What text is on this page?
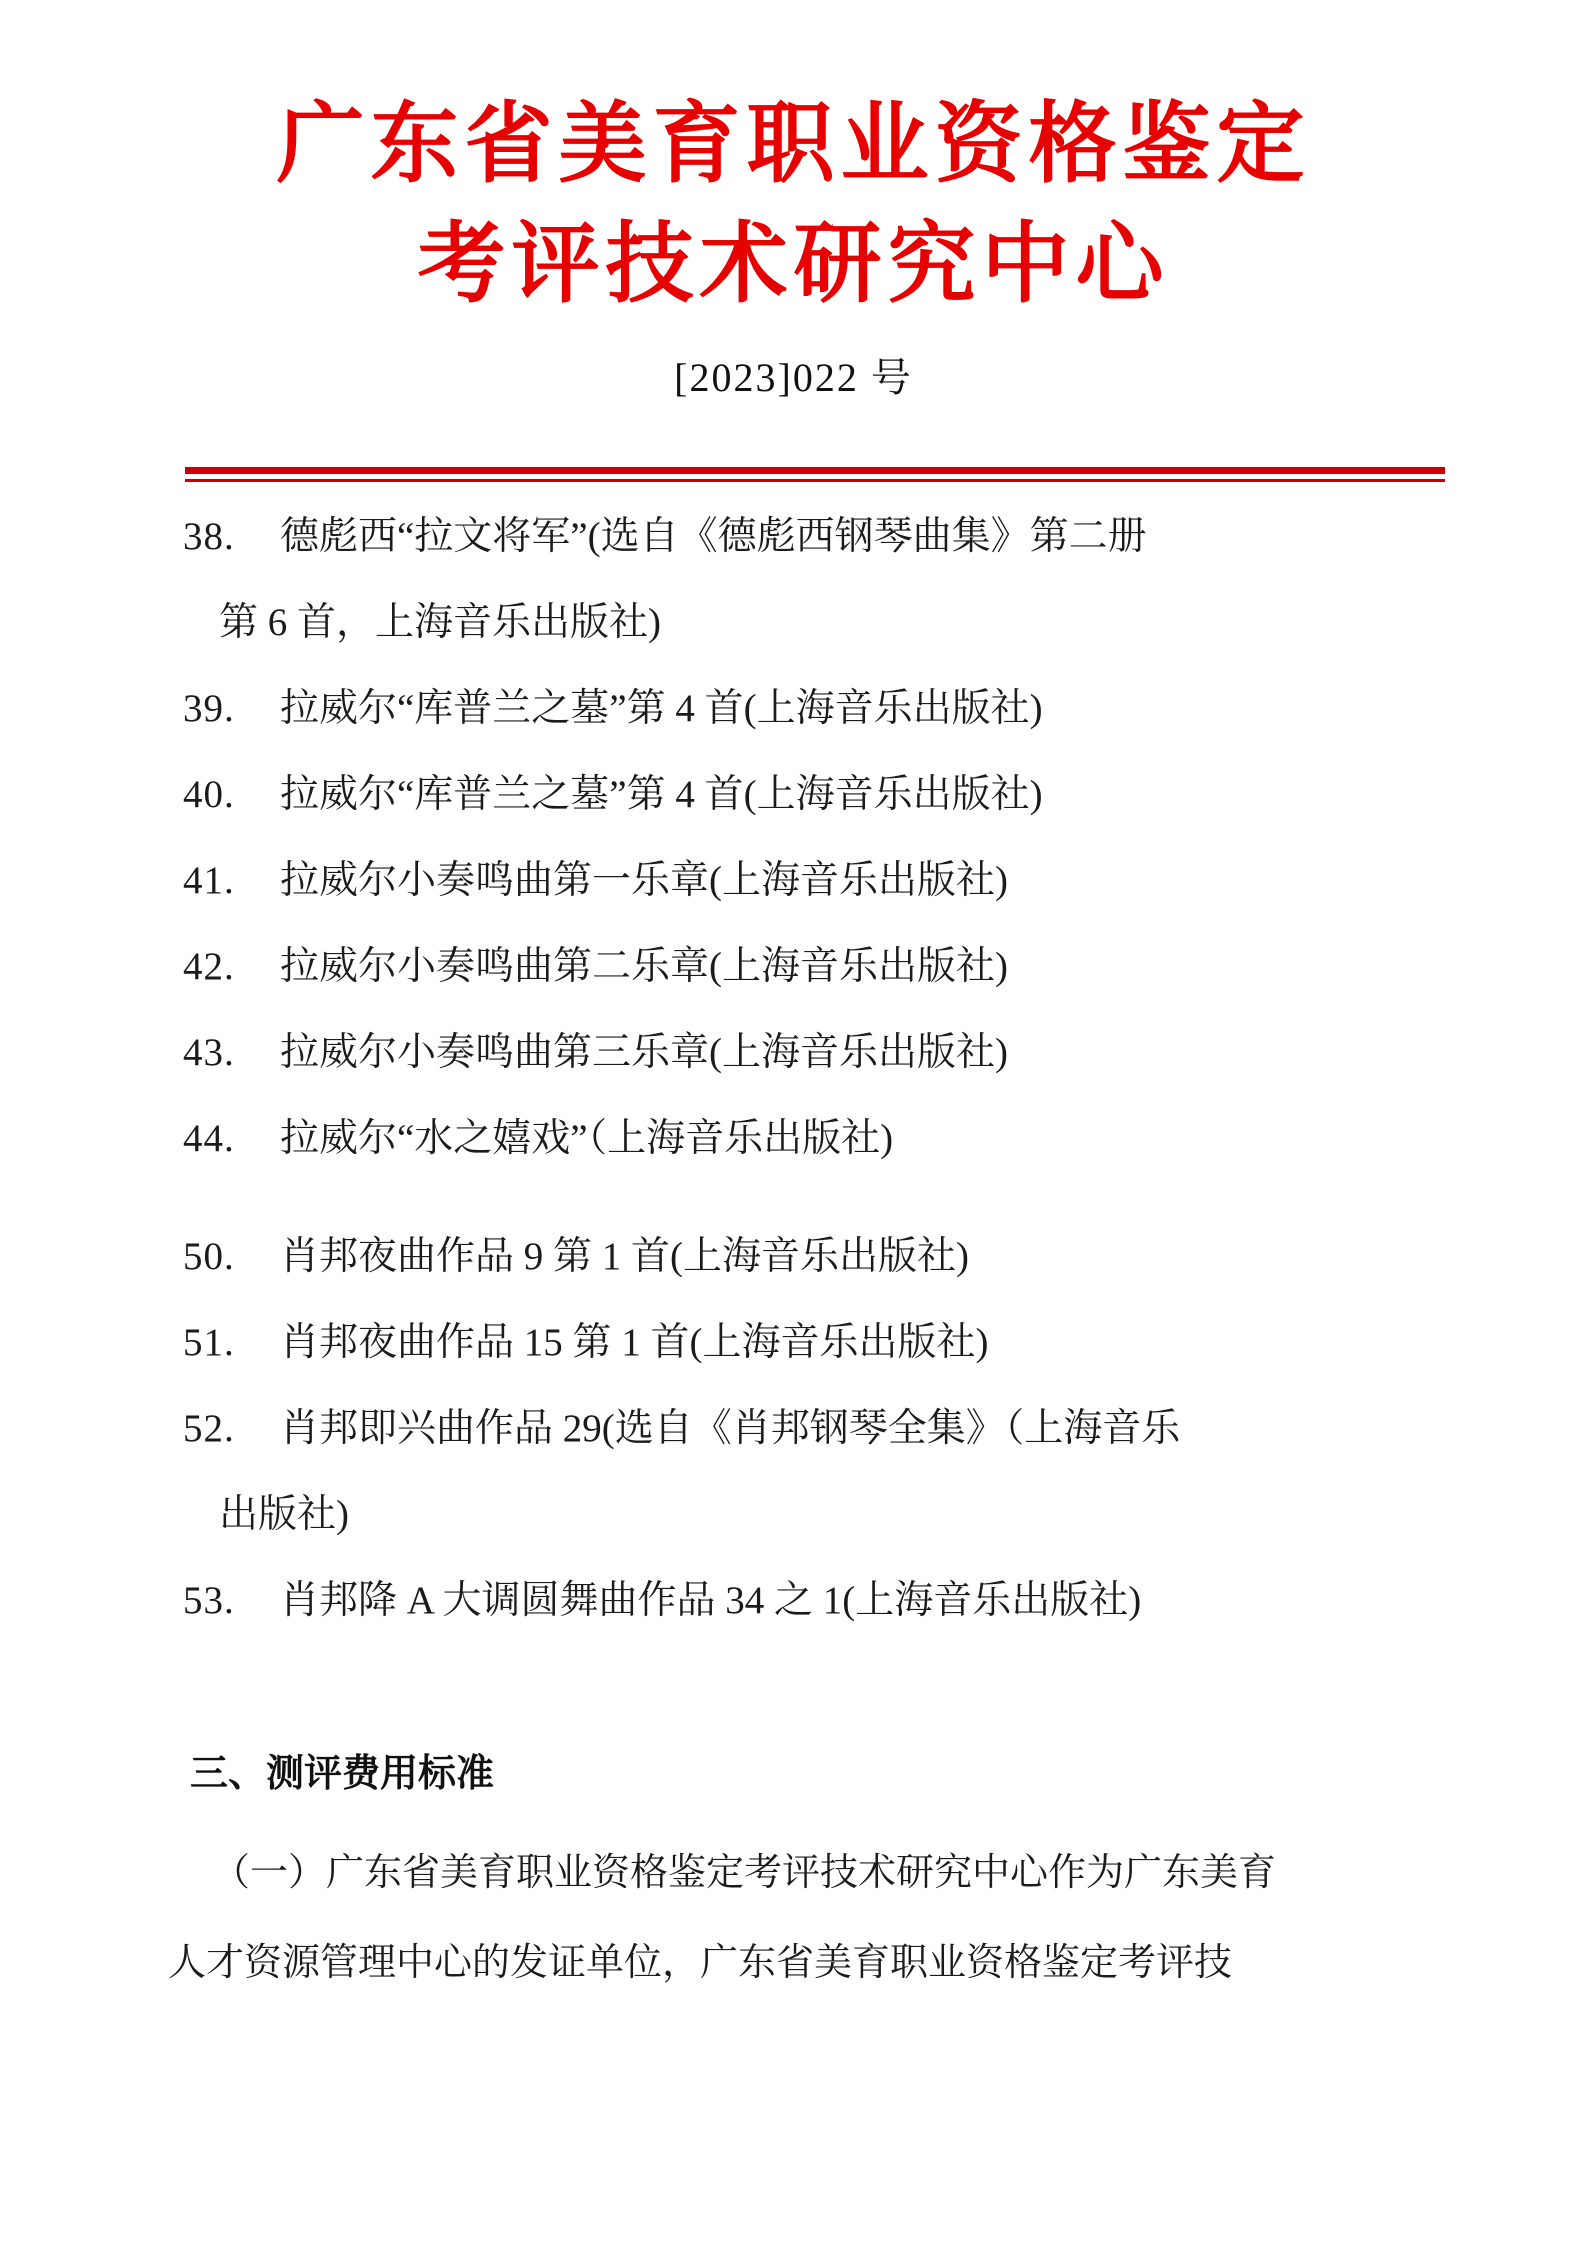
广东省美育职业资格鉴定
考评技术研究中心
[2023]022 号
38. 德彪西“拉文将军”(选自《德彪西钢琴曲集》第二册
第 6 首，上海音乐出版社)
39. 拉威尔“库普兰之墓”第 4 首(上海音乐出版社)
40. 拉威尔“库普兰之墓”第 4 首(上海音乐出版社)
41. 拉威尔小奏鸣曲第一乐章(上海音乐出版社)
42. 拉威尔小奏鸣曲第二乐章(上海音乐出版社)
43. 拉威尔小奏鸣曲第三乐章(上海音乐出版社)
44. 拉威尔“水之嬉戏”（上海音乐出版社)
50. 肖邦夜曲作品 9 第 1 首(上海音乐出版社)
51. 肖邦夜曲作品 15 第 1 首(上海音乐出版社)
52. 肖邦即兴曲作品 29(选自《肖邦钢琴全集》（上海音乐
出版社)
53. 肖邦降 A 大调圆舞曲作品 34 之 1(上海音乐出版社)
三、测评费用标准
（一）广东省美育职业资格鉴定考评技术研究中心作为广东美育
人才资源管理中心的发证单位，广东省美育职业资格鉴定考评技
